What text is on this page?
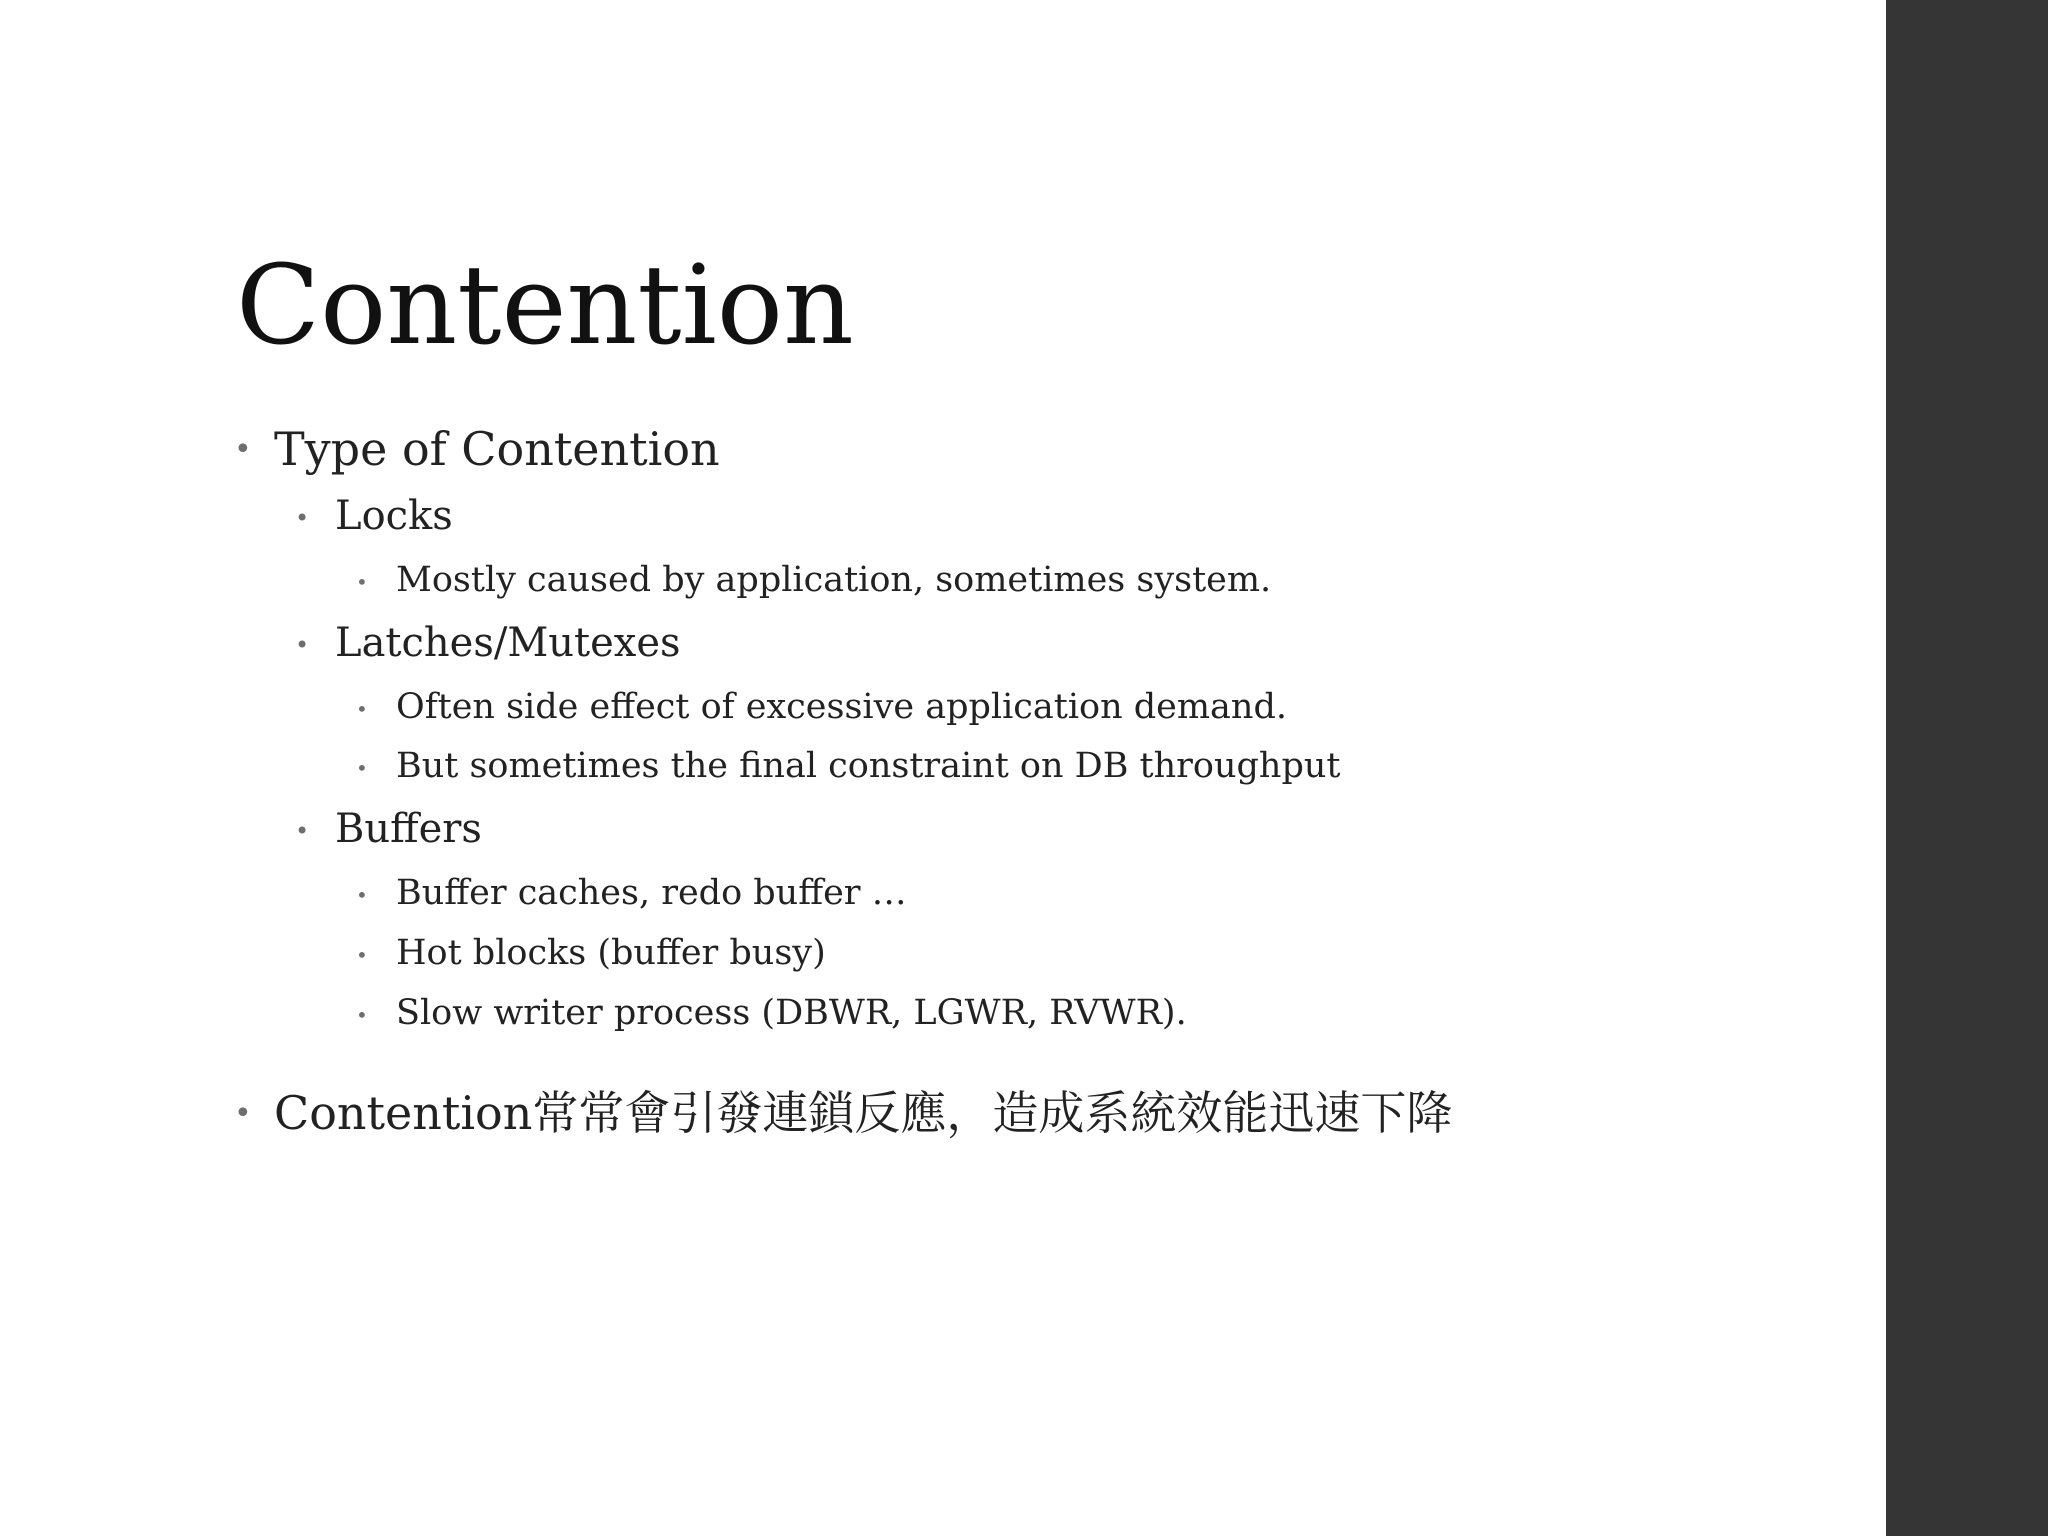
Contention
• Type of Contention
• Locks
• Mostly caused by application, sometimes system.
• Latches/Mutexes
• Often side effect of excessive application demand.
• But sometimes the final constraint on DB throughput
• Buffers
• Buffer caches, redo buffer …
• Hot blocks (buffer busy)
• Slow writer process (DBWR, LGWR, RVWR).
• Contention常常會引發連鎖反應，造成系統效能迅速下降
